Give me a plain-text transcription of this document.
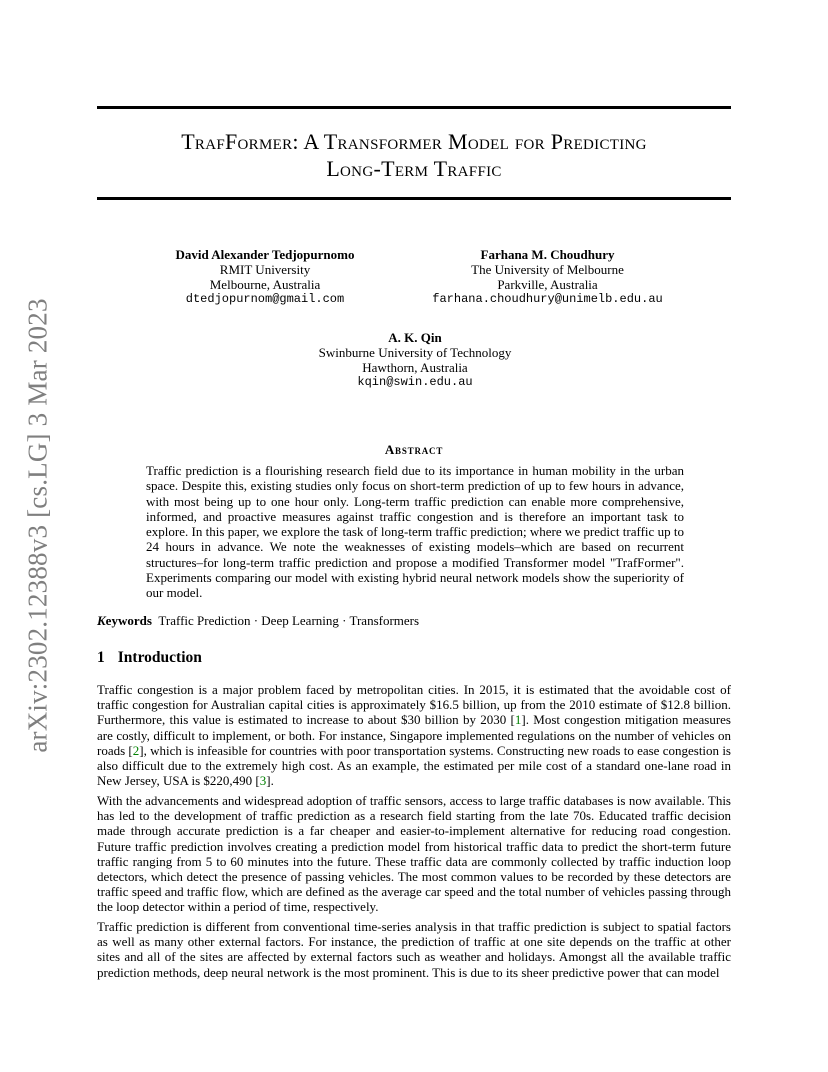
arXiv:2302.12388v3 [cs.LG] 3 Mar 2023
TrafFormer: A Transformer Model for Predicting
Long-Term Traffic
David Alexander Tedjopurnomo
RMIT University
Melbourne, Australia
dtedjopurnom@gmail.com
Farhana M. Choudhury
The University of Melbourne
Parkville, Australia
farhana.choudhury@unimelb.edu.au
A. K. Qin
Swinburne University of Technology
Hawthorn, Australia
kqin@swin.edu.au
Abstract
Traffic prediction is a flourishing research field due to its importance in human mobility in the urban space. Despite this, existing studies only focus on short-term prediction of up to few hours in advance, with most being up to one hour only. Long-term traffic prediction can enable more comprehensive, informed, and proactive measures against traffic congestion and is therefore an important task to explore. In this paper, we explore the task of long-term traffic prediction; where we predict traffic up to 24 hours in advance. We note the weaknesses of existing models–which are based on recurrent structures–for long-term traffic prediction and propose a modified Transformer model "TrafFormer". Experiments comparing our model with existing hybrid neural network models show the superiority of our model.
Keywords Traffic Prediction · Deep Learning · Transformers
1 Introduction
Traffic congestion is a major problem faced by metropolitan cities. In 2015, it is estimated that the avoidable cost of traffic congestion for Australian capital cities is approximately $16.5 billion, up from the 2010 estimate of $12.8 billion. Furthermore, this value is estimated to increase to about $30 billion by 2030 [1]. Most congestion mitigation measures are costly, difficult to implement, or both. For instance, Singapore implemented regulations on the number of vehicles on roads [2], which is infeasible for countries with poor transportation systems. Constructing new roads to ease congestion is also difficult due to the extremely high cost. As an example, the estimated per mile cost of a standard one-lane road in New Jersey, USA is $220,490 [3].
With the advancements and widespread adoption of traffic sensors, access to large traffic databases is now available. This has led to the development of traffic prediction as a research field starting from the late 70s. Educated traffic decision made through accurate prediction is a far cheaper and easier-to-implement alternative for reducing road congestion. Future traffic prediction involves creating a prediction model from historical traffic data to predict the short-term future traffic ranging from 5 to 60 minutes into the future. These traffic data are commonly collected by traffic induction loop detectors, which detect the presence of passing vehicles. The most common values to be recorded by these detectors are traffic speed and traffic flow, which are defined as the average car speed and the total number of vehicles passing through the loop detector within a period of time, respectively.
Traffic prediction is different from conventional time-series analysis in that traffic prediction is subject to spatial factors as well as many other external factors. For instance, the prediction of traffic at one site depends on the traffic at other sites and all of the sites are affected by external factors such as weather and holidays. Amongst all the available traffic prediction methods, deep neural network is the most prominent. This is due to its sheer predictive power that can model
